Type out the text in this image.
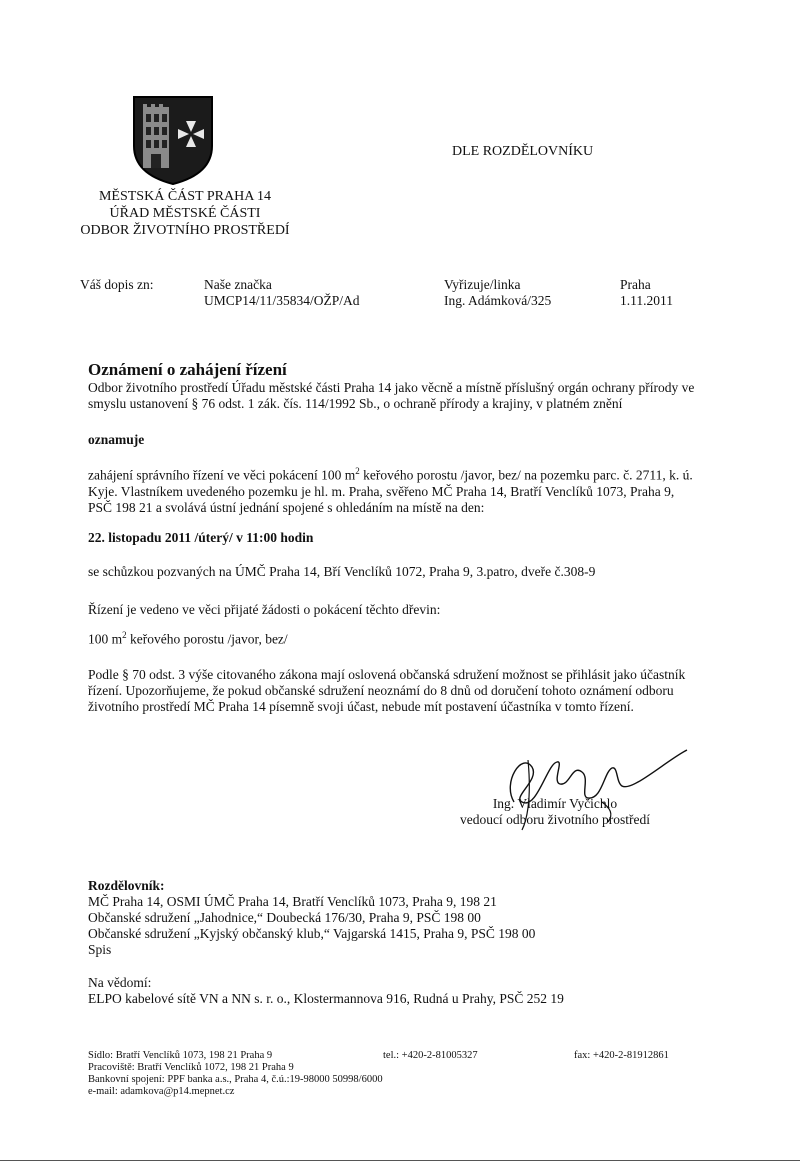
DLE ROZDĚLOVNÍKU
MĚSTSKÁ ČÁST PRAHA 14
ÚŘAD MĚSTSKÉ ČÁSTI
ODBOR ŽIVOTNÍHO PROSTŘEDÍ
Váš dopis zn:	Naše značka
UMCP14/11/35834/OŽP/Ad
Vyřizuje/linka
Ing. Adámková/325
Praha
1.11.2011
Oznámení o zahájení řízení
Odbor životního prostředí Úřadu městské části Praha 14 jako věcně a místně příslušný orgán ochrany přírody ve
smyslu ustanovení § 76 odst. 1 zák. čís. 114/1992 Sb., o ochraně přírody a krajiny, v platném znění
oznamuje
zahájení správního řízení ve věci pokácení 100 $m^2$ keřového porostu /javor, bez/ na pozemku parc. č. 2711, k. ú.
Kyje. Vlastníkem uvedeného pozemku je hl. m. Praha, svěřeno MČ Praha 14, Bratří Venclíků 1073, Praha 9,
PSČ 198 21 a svolává ústní jednání spojené s ohledáním na místě na den:
22. listopadu 2011 /úterý/ v 11:00 hodin
se schůzkou pozvaných na ÚMČ Praha 14, Bří Venclíků 1072, Praha 9, 3.patro, dveře č.308-9
Řízení je vedeno ve věci přijaté žádosti o pokácení těchto dřevin:
100 $m^2$ keřového porostu /javor, bez/
Podle § 70 odst. 3 výše citovaného zákona mají oslovená občanská sdružení možnost se přihlásit jako účastník
řízení. Upozorňujeme, že pokud občanské sdružení neoznámí do 8 dnů od doručení tohoto oznámení odboru
životního prostředí MČ Praha 14 písemně svoji účast, nebude mít postavení účastníka v tomto řízení.
Ing. Vladimír Vyčichlo
vedoucí odboru životního prostředí
Rozdělovník:
MČ Praha 14, OSMI ÚMČ Praha 14, Bratří Venclíků 1073, Praha 9, 198 21
Občanské sdružení „Jahodnice,“ Doubecká 176/30, Praha 9, PSČ 198 00
Občanské sdružení „Kyjský občanský klub,“ Vajgarská 1415, Praha 9, PSČ 198 00
Spis
Na vědomí:
ELPO kabelové sítě VN a NN s. r. o., Klostermannova 916, Rudná u Prahy, PSČ 252 19
Sídlo: Bratří Venclíků 1073, 198 21 Praha 9
Pracoviště: Bratří Venclíků 1072, 198 21 Praha 9
Bankovní spojení: PPF banka a.s., Praha 4, č.ú.:19-98000 50998/6000
e-mail: adamkova@p14.mepnet.cz
tel.: +420-2-81005327	fax: +420-2-81912861
